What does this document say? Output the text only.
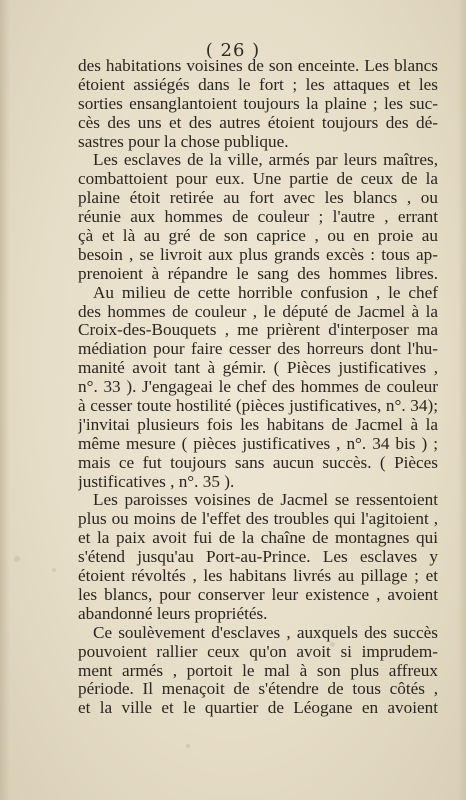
( 26 )
des habitations voisines de son enceinte. Les blancs
étoient assiégés dans le fort ; les attaques et les
sorties ensanglantoient toujours la plaine ; les suc-
cès des uns et des autres étoient toujours des dé-
sastres pour la chose publique.
Les esclaves de la ville, armés par leurs maîtres,
combattoient pour eux. Une partie de ceux de la
plaine étoit retirée au fort avec les blancs , ou
réunie aux hommes de couleur ; l'autre , errant
çà et là au gré de son caprice , ou en proie au
besoin , se livroit aux plus grands excès : tous ap-
prenoient à répandre le sang des hommes libres.
Au milieu de cette horrible confusion , le chef
des hommes de couleur , le député de Jacmel à la
Croix-des-Bouquets , me prièrent d'interposer ma
médiation pour faire cesser des horreurs dont l'hu-
manité avoit tant à gémir. ( Pièces justificatives ,
n°. 33 ). J'engageai le chef des hommes de couleur
à cesser toute hostilité (pièces justificatives, n°. 34);
j'invitai plusieurs fois les habitans de Jacmel à la
même mesure ( pièces justificatives , n°. 34 bis ) ;
mais ce fut toujours sans aucun succès. ( Pièces
justificatives , n°. 35 ).
Les paroisses voisines de Jacmel se ressentoient
plus ou moins de l'effet des troubles qui l'agitoient ,
et la paix avoit fui de la chaîne de montagnes qui
s'étend jusqu'au Port-au-Prince. Les esclaves y
étoient révoltés , les habitans livrés au pillage ; et
les blancs, pour conserver leur existence , avoient
abandonné leurs propriétés.
Ce soulèvement d'esclaves , auxquels des succès
pouvoient rallier ceux qu'on avoit si imprudem-
ment armés , portoit le mal à son plus affreux
période. Il menaçoit de s'étendre de tous côtés ,
et la ville et le quartier de Léogane en avoient
